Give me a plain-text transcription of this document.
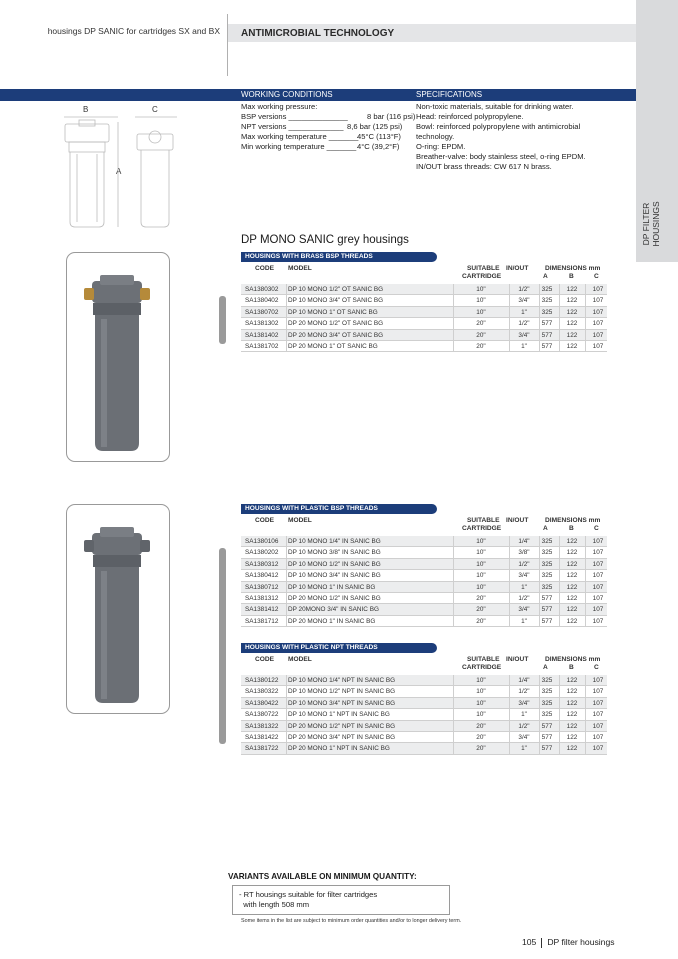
housings DP SANIC for cartridges SX and BX	ANTIMICROBIAL TECHNOLOGY
DP FILTER HOUSINGS
WORKING CONDITIONS	SPECIFICATIONS
Max working pressure:
BSP versions ______________	8 bar (116 psi)
NPT versions _____________ 8,6 bar (125 psi)
Max working temperature _______
45°C (113°F)
Min working temperature _______ 4°C (39,2°F)
Non-toxic materials, suitable for drinking water.
Head: reinforced polypropylene.
Bowl: reinforced polypropylene with antimicrobial
technology.
O-ring: EPDM.
Breather-valve: body stainless steel, o-ring EPDM.
IN/OUT brass threads: CW 617 N brass.
B	C
A
DP MONO SANIC grey housings
HOUSINGS WITH BRASS BSP THREADS
CODE MODEL	SUITABLE
CARTRIDGE
IN/OUT	DIMENSIONS mm
A	B	C
SA1380302 DP 10 MONO 1/2" OT SANIC BG	10"	1/2"	325	122	107
SA1380402 DP 10 MONO 3/4" OT SANIC BG	10"	3/4"	325	122	107
SA1380702 DP 10 MONO 1" OT SANIC BG	10"	1"	325	122	107
SA1381302 DP 20 MONO 1/2" OT SANIC BG	20"	1/2"	577	122	107
SA1381402 DP 20 MONO 3/4" OT SANIC BG	20"	3/4"	577	122	107
SA1381702 DP 20 MONO 1" OT SANIC BG	20"	1"	577	122	107
HOUSINGS WITH PLASTIC BSP THREADS
CODE MODEL	SUITABLE
CARTRIDGE
IN/OUT	DIMENSIONS mm
A	B	C
SA1380106 DP 10 MONO 1/4" IN SANIC BG	10"	1/4"	325	122	107
SA1380202 DP 10 MONO 3/8" IN SANIC BG	10"	3/8"	325	122	107
SA1380312 DP 10 MONO 1/2" IN SANIC BG	10"	1/2"	325	122	107
SA1380412 DP 10 MONO 3/4" IN SANIC BG	10"	3/4"	325	122	107
SA1380712 DP 10 MONO 1" IN SANIC BG	10"	1"	325	122	107
SA1381312 DP 20 MONO 1/2" IN SANIC BG	20"	1/2"	577	122	107
SA1381412 DP 20MONO 3/4" IN SANIC BG	20"	3/4"	577	122	107
SA1381712 DP 20 MONO 1" IN SANIC BG	20"	1"	577	122	107
HOUSINGS WITH PLASTIC NPT THREADS
CODE MODEL	SUITABLE
CARTRIDGE
IN/OUT	DIMENSIONS mm
A	B	C
SA1380122 DP 10 MONO 1/4" NPT IN SANIC BG	10"	1/4"	325	122	107
SA1380322 DP 10 MONO 1/2" NPT IN SANIC BG	10"	1/2"	325	122	107
SA1380422 DP 10 MONO 3/4" NPT IN SANIC BG	10"	3/4"	325	122	107
SA1380722 DP 10 MONO 1" NPT IN SANIC BG	10"	1"	325	122	107
SA1381322 DP 20 MONO 1/2" NPT IN SANIC BG	20"	1/2"	577	122	107
SA1381422 DP 20 MONO 3/4" NPT IN SANIC BG	20"	3/4"	577	122	107
SA1381722 DP 20 MONO 1" NPT IN SANIC BG	20"	1"	577	122	107
VARIANTS AVAILABLE ON MINIMUM QUANTITY:
- RT housings suitable for filter cartridges
with length 508 mm
Some items in the list are subject to minimum order quantities and/or to longer delivery term.
105 DP filter housings
